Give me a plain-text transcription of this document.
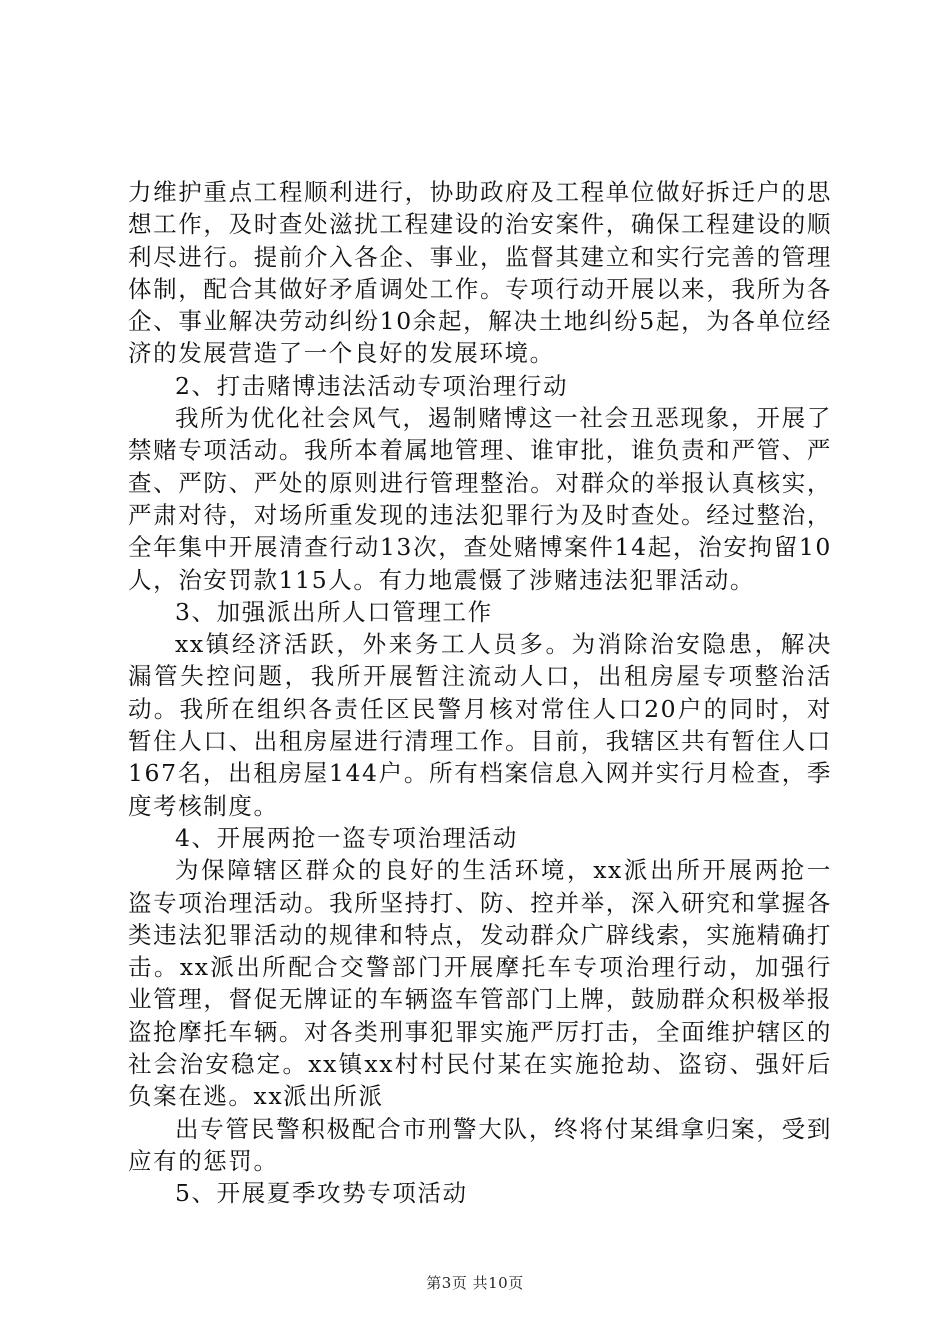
力维护重点工程顺利进行，协助政府及工程单位做好拆迁户的思想工作，及时查处滋扰工程建设的治安案件，确保工程建设的顺利尽进行。提前介入各企、事业，监督其建立和实行完善的管理体制，配合其做好矛盾调处工作。专项行动开展以来，我所为各企、事业解决劳动纠纷10余起，解决土地纠纷5起，为各单位经济的发展营造了一个良好的发展环境。

2、打击赌博违法活动专项治理行动

我所为优化社会风气，遏制赌博这一社会丑恶现象，开展了禁赌专项活动。我所本着属地管理、谁审批，谁负责和严管、严查、严防、严处的原则进行管理整治。对群众的举报认真核实，严肃对待，对场所重发现的违法犯罪行为及时查处。经过整治，全年集中开展清查行动13次，查处赌博案件14起，治安拘留10人，治安罚款115人。有力地震慑了涉赌违法犯罪活动。

3、加强派出所人口管理工作

xx镇经济活跃，外来务工人员多。为消除治安隐患，解决漏管失控问题，我所开展暂注流动人口，出租房屋专项整治活动。我所在组织各责任区民警月核对常住人口20户的同时，对暂住人口、出租房屋进行清理工作。目前，我辖区共有暂住人口167名，出租房屋144户。所有档案信息入网并实行月检查，季度考核制度。

4、开展两抢一盗专项治理活动

为保障辖区群众的良好的生活环境，xx派出所开展两抢一盗专项治理活动。我所坚持打、防、控并举，深入研究和掌握各类违法犯罪活动的规律和特点，发动群众广辟线索，实施精确打击。xx派出所配合交警部门开展摩托车专项治理行动，加强行业管理，督促无牌证的车辆盗车管部门上牌，鼓励群众积极举报盗抢摩托车辆。对各类刑事犯罪实施严厉打击，全面维护辖区的社会治安稳定。xx镇xx村村民付某在实施抢劫、盗窃、强奸后负案在逃。xx派出所派

出专管民警积极配合市刑警大队，终将付某缉拿归案，受到应有的惩罚。

5、开展夏季攻势专项活动

第3页 共10页
